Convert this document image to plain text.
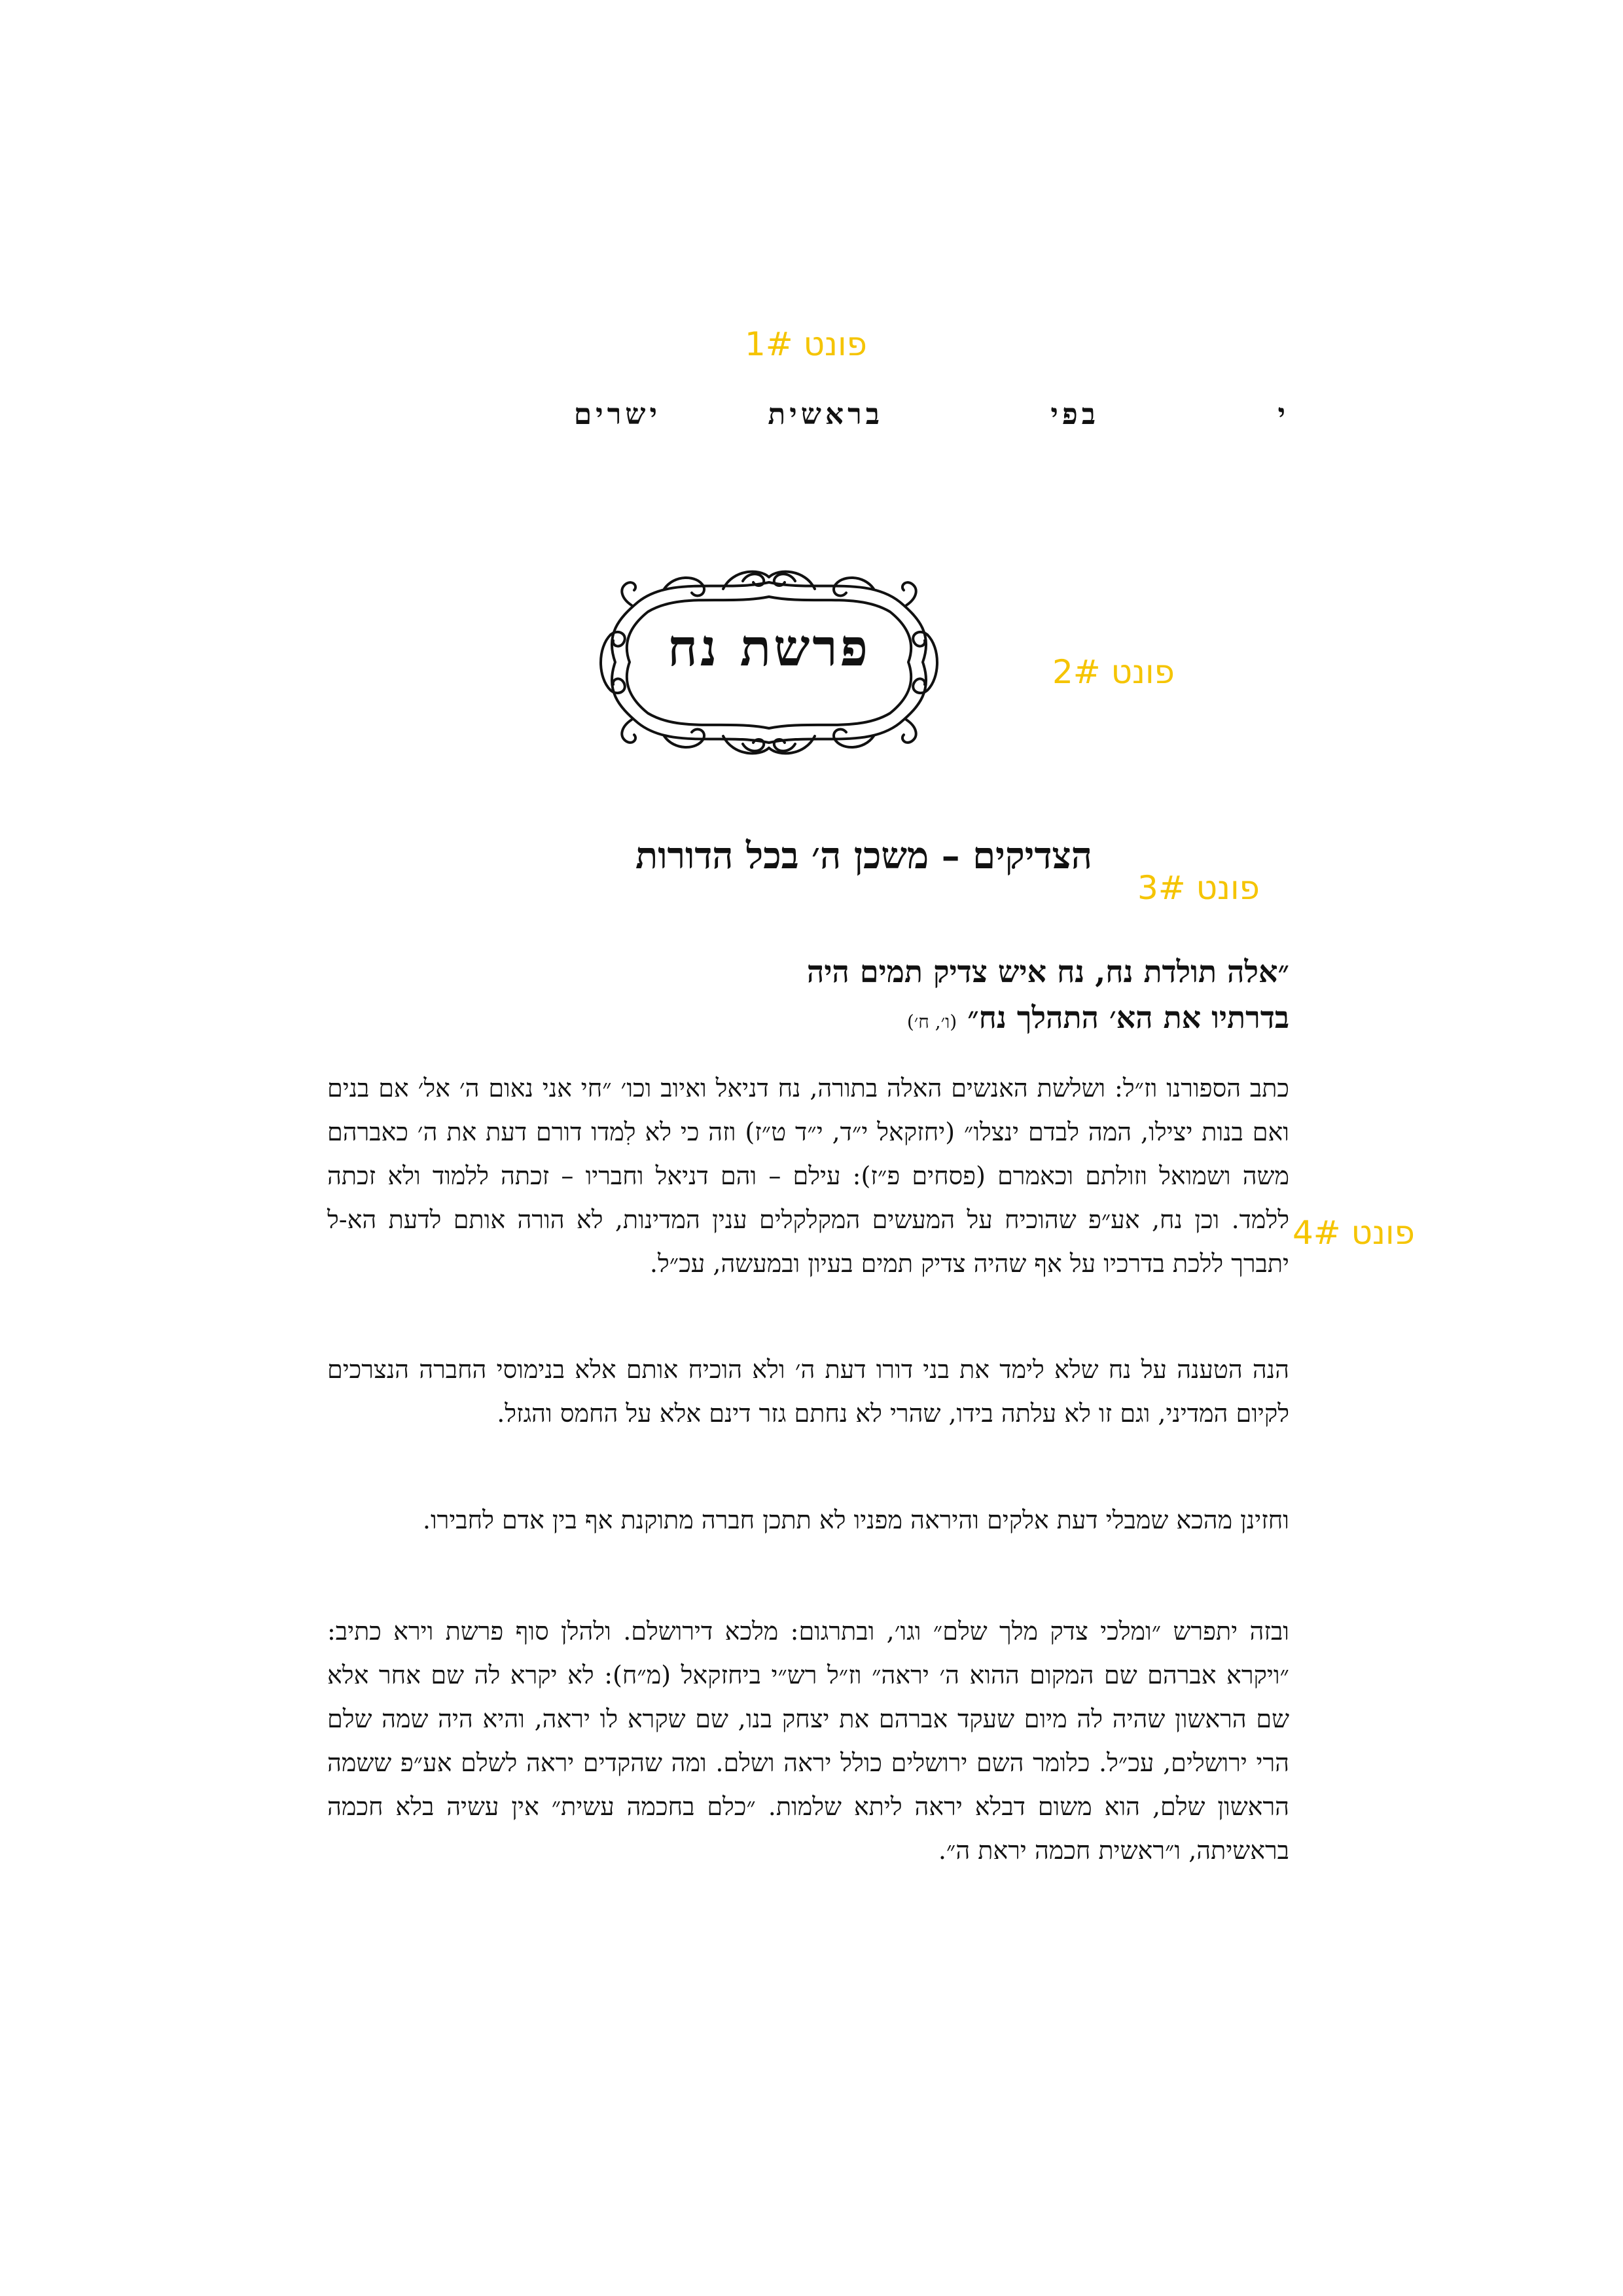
פונט 1#
פונט 2#
פונט 3#
פונט 4#
י
בפי
בראשית
ישרים
פרשת נח
הצדיקים – משכן ה׳ בכל הדורות
״אלה תולדת נח, נח איש צדיק תמים היה
בדרתיו את הא׳ התהלך נח״ (ו׳, ח׳)
כתב הספורנו וז״ל: ושלשת האנשים האלה בתורה, נח דניאל ואיוב וכו׳ ״חי אני נאום ה׳ אל׳ אם בנים ואם בנות יצילו, המה לבדם ינצלו״ (יחזקאל י״ד, י״ד ט״ז) וזה כי לא לִמדו דורם דעת את ה׳ כאברהם משה ושמואל וזולתם וכאמרם (פסחים פ״ז): עילם – והם דניאל וחבריו – זכתה ללמוד ולא זכתה ללמד. וכן נח, אע״פ שהוכיח על המעשים המקלקלים ענין המדינות, לא הורה אותם לדעת הא-ל יתברך ללכת בדרכיו על אף שהיה צדיק תמים בעיון ובמעשה, עכ״ל.
הנה הטענה על נח שלא לימד את בני דורו דעת ה׳ ולא הוכיח אותם אלא בנימוסי החברה הנצרכים לקיום המדיני, וגם זו לא עלתה בידו, שהרי לא נחתם גזר דינם אלא על החמס והגזל.
וחזינן מהכא שמבלי דעת אלקים והיראה מפניו לא תתכן חברה מתוקנת אף בין אדם לחבירו.
ובזה יתפרש ״ומלכי צדק מלך שלם״ וגו׳, ובתרגום: מלכא דירושלם. ולהלן סוף פרשת וירא כתיב: ״ויקרא אברהם שם המקום ההוא ה׳ יראה״ וז״ל רש״י ביחזקאל (מ״ח): לא יקרא לה שם אחר אלא שם הראשון שהיה לה מיום שעקד אברהם את יצחק בנו, שם שקרא לו יראה, והיא היה שמה שלם הרי ירושלים, עכ״ל. כלומר השם ירושלים כולל יראה ושלם. ומה שהקדים יראה לשלם אע״פ ששמה הראשון שלם, הוא משום דבלא יראה ליתא שלמות. ״כלם בחכמה עשית״ אין עשיה בלא חכמה בראשיתה, ו״ראשית חכמה יראת ה״.
